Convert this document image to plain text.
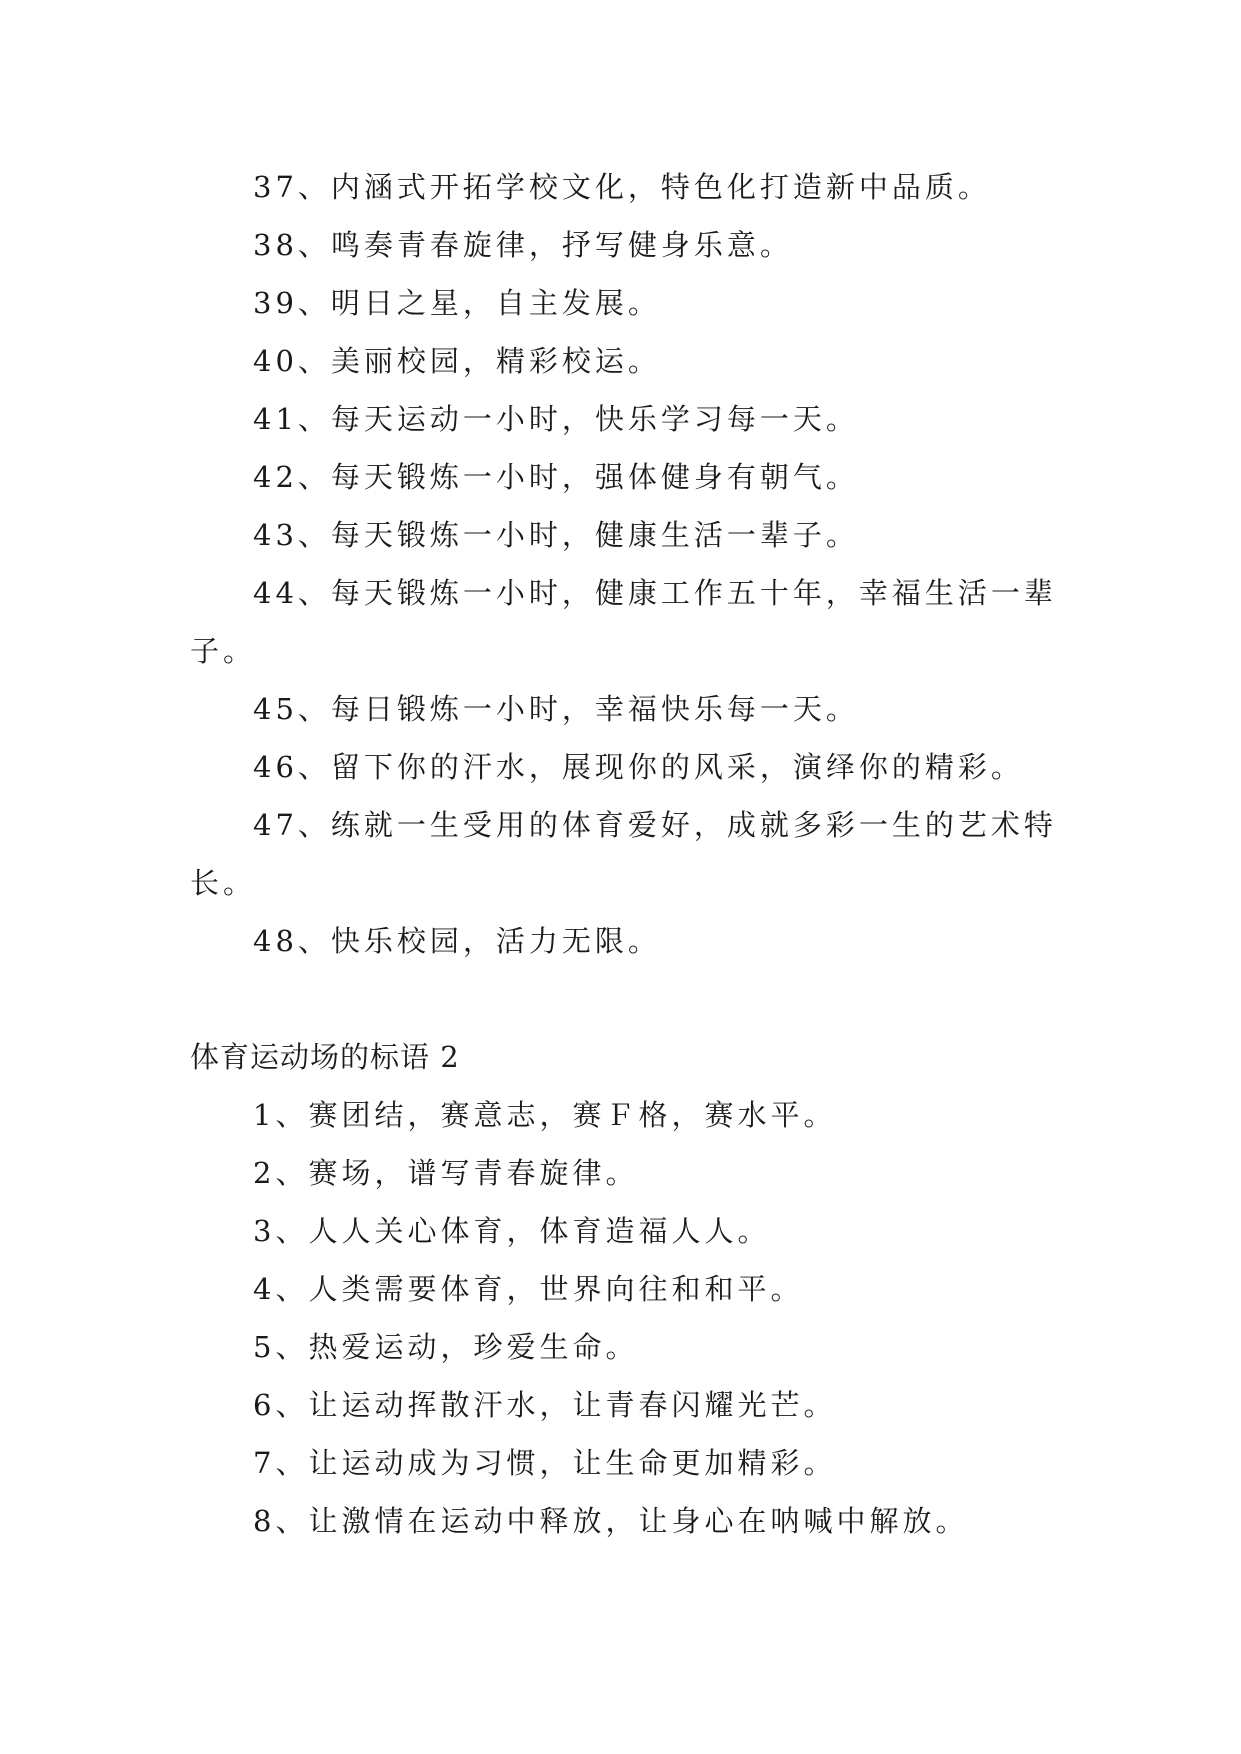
37、内涵式开拓学校文化，特色化打造新中品质。

38、鸣奏青春旋律，抒写健身乐意。

39、明日之星，自主发展。

40、美丽校园，精彩校运。

41、每天运动一小时，快乐学习每一天。

42、每天锻炼一小时，强体健身有朝气。

43、每天锻炼一小时，健康生活一辈子。

44、每天锻炼一小时，健康工作五十年，幸福生活一辈子。

45、每日锻炼一小时，幸福快乐每一天。

46、留下你的汗水，展现你的风采，演绎你的精彩。

47、练就一生受用的体育爱好，成就多彩一生的艺术特长。

48、快乐校园，活力无限。

体育运动场的标语 2

1、赛团结，赛意志，赛Ｆ格，赛水平。

2、赛场，谱写青春旋律。

3、人人关心体育，体育造福人人。

4、人类需要体育，世界向往和和平。

5、热爱运动，珍爱生命。

6、让运动挥散汗水，让青春闪耀光芒。

7、让运动成为习惯，让生命更加精彩。

8、让激情在运动中释放，让身心在呐喊中解放。
